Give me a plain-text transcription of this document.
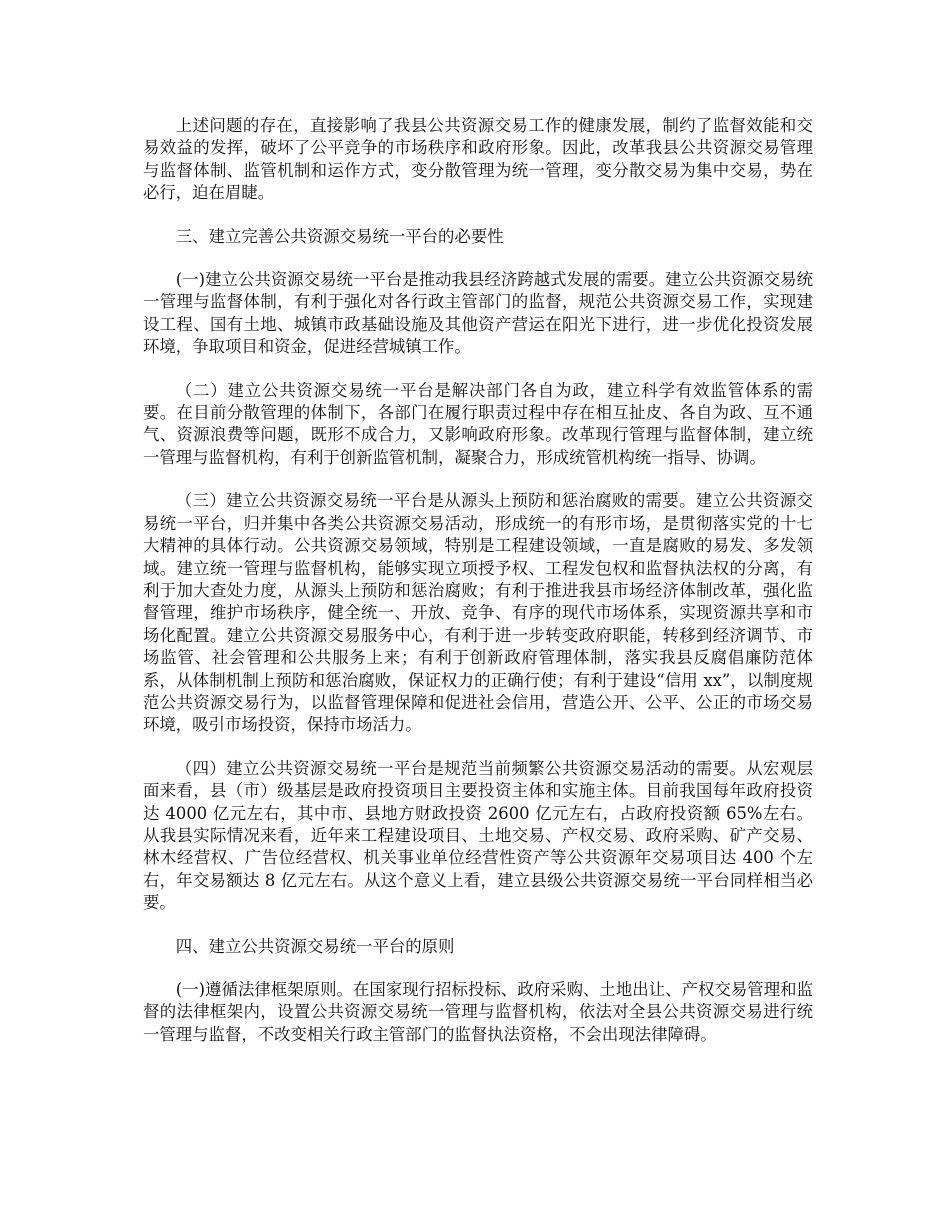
上述问题的存在，直接影响了我县公共资源交易工作的健康发展，制约了监督效能和交易效益的发挥，破坏了公平竞争的市场秩序和政府形象。因此，改革我县公共资源交易管理与监督体制、监管机制和运作方式，变分散管理为统一管理，变分散交易为集中交易，势在必行，迫在眉睫。

三、建立完善公共资源交易统一平台的必要性

(一)建立公共资源交易统一平台是推动我县经济跨越式发展的需要。建立公共资源交易统一管理与监督体制，有利于强化对各行政主管部门的监督，规范公共资源交易工作，实现建设工程、国有土地、城镇市政基础设施及其他资产营运在阳光下进行，进一步优化投资发展环境，争取项目和资金，促进经营城镇工作。

（二）建立公共资源交易统一平台是解决部门各自为政，建立科学有效监管体系的需要。在目前分散管理的体制下，各部门在履行职责过程中存在相互扯皮、各自为政、互不通气、资源浪费等问题，既形不成合力，又影响政府形象。改革现行管理与监督体制，建立统一管理与监督机构，有利于创新监管机制，凝聚合力，形成统管机构统一指导、协调。

（三）建立公共资源交易统一平台是从源头上预防和惩治腐败的需要。建立公共资源交易统一平台，归并集中各类公共资源交易活动，形成统一的有形市场，是贯彻落实党的十七大精神的具体行动。公共资源交易领域，特别是工程建设领域，一直是腐败的易发、多发领域。建立统一管理与监督机构，能够实现立项授予权、工程发包权和监督执法权的分离，有利于加大查处力度，从源头上预防和惩治腐败；有利于推进我县市场经济体制改革，强化监督管理，维护市场秩序，健全统一、开放、竞争、有序的现代市场体系，实现资源共享和市场化配置。建立公共资源交易服务中心，有利于进一步转变政府职能，转移到经济调节、市场监管、社会管理和公共服务上来；有利于创新政府管理体制，落实我县反腐倡廉防范体系，从体制机制上预防和惩治腐败，保证权力的正确行使；有利于建设“信用 xx”，以制度规范公共资源交易行为，以监督管理保障和促进社会信用，营造公开、公平、公正的市场交易环境，吸引市场投资，保持市场活力。

（四）建立公共资源交易统一平台是规范当前频繁公共资源交易活动的需要。从宏观层面来看，县（市）级基层是政府投资项目主要投资主体和实施主体。目前我国每年政府投资达 4000 亿元左右，其中市、县地方财政投资 2600 亿元左右，占政府投资额 65%左右。从我县实际情况来看，近年来工程建设项目、土地交易、产权交易、政府采购、矿产交易、林木经营权、广告位经营权、机关事业单位经营性资产等公共资源年交易项目达 400 个左右，年交易额达 8 亿元左右。从这个意义上看，建立县级公共资源交易统一平台同样相当必要。

四、建立公共资源交易统一平台的原则

(一)遵循法律框架原则。在国家现行招标投标、政府采购、土地出让、产权交易管理和监督的法律框架内，设置公共资源交易统一管理与监督机构，依法对全县公共资源交易进行统一管理与监督，不改变相关行政主管部门的监督执法资格，不会出现法律障碍。
